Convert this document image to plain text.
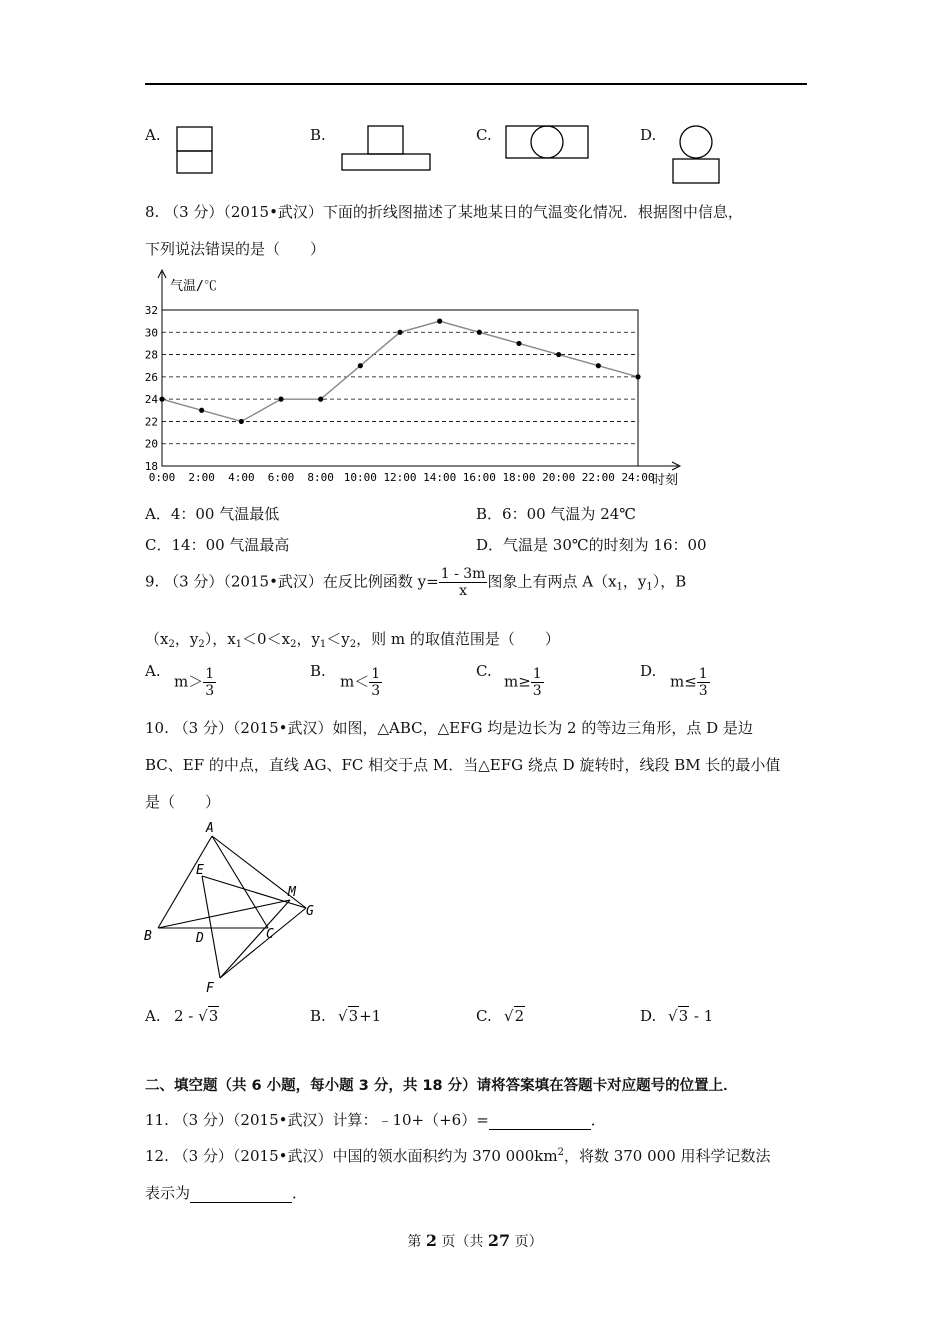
A.	B.	C.	D.
8. （3 分）（2015•武汉）下面的折线图描述了某地某日的气温变化情况．根据图中信息，
下列说法错误的是（　　）
18
20
22
24
26
28
30
32
0:00 2:00 4:00 6:00 8:00 10:00 12:00 14:00 16:00 18:00 20:00 22:00 24:00
气温/℃
时刻
A．4：00 气温最低	B．6：00 气温为 24℃
C．14：00 气温最高	D．气温是 30℃的时刻为 16：00
9. （3 分）（2015•武汉）在反比例函数 $y= \frac{1 - 3m}{x}$ 图象上有两点 $A(x_1$，$y_1$），B
（$x_2$，$y_2$），$x_1<0<x_2$，$y_1<y_2$，则 m 的取值范围是（　　）
A.
$m> \frac{1}{3}$	B.
$m< \frac{1}{3}$	C.
$m\ge \frac{1}{3}$	D.
$m\le \frac{1}{3}$
10. （3 分）（2015•武汉）如图，△ABC，△EFG 均是边长为 2 的等边三角形，点 D 是边
BC、EF 的中点，直线 AG、FC 相交于点 M．当△EFG 绕点 D 旋转时，线段 BM 长的最小值
是（　　）
A
B	C
D
E
F
G
M
A. 2 - √3	B. √3+1	C. √2	D. √3 - 1
二、填空题（共 6 小题，每小题 3 分，共 18 分）请将答案填在答题卡对应题号的位置上．
11. （3 分）（2015•武汉）计算：﹣10+（+6）=	．
12. （3 分）（2015•武汉）中国的领水面积约为 370 $000km^2$，将数 370 000 用科学记数法
表示为	．
第 2 页（共 27 页）
